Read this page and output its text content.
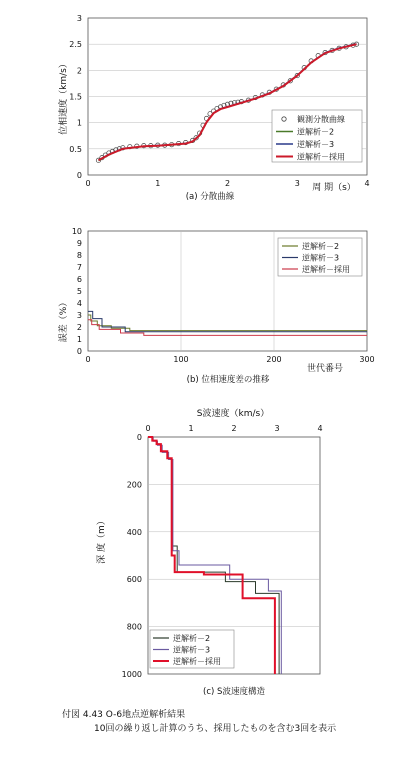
0
0.5
1
1.5
2
2.5
3
0	1	2	3	4
位相速度（km/s）
周 期（s）
(a) 分散曲線
観測分散曲線
逆解析－2
逆解析－3
逆解析－採用
0
1
2
3
4
5
6
7
8
9
10
0	100	200	300
誤差（%）
世代番号
(b) 位相速度差の推移
逆解析－2
逆解析－3
逆解析－採用
S波速度（km/s）
0	1	2	3	4
0
200
400
600
800
1000
深 度（m）
(c) S波速度構造
逆解析－2
逆解析－3
逆解析－採用
付図 4.43 O-6地点逆解析結果
10回の繰り返し計算のうち、採用したものを含む3回を表示
